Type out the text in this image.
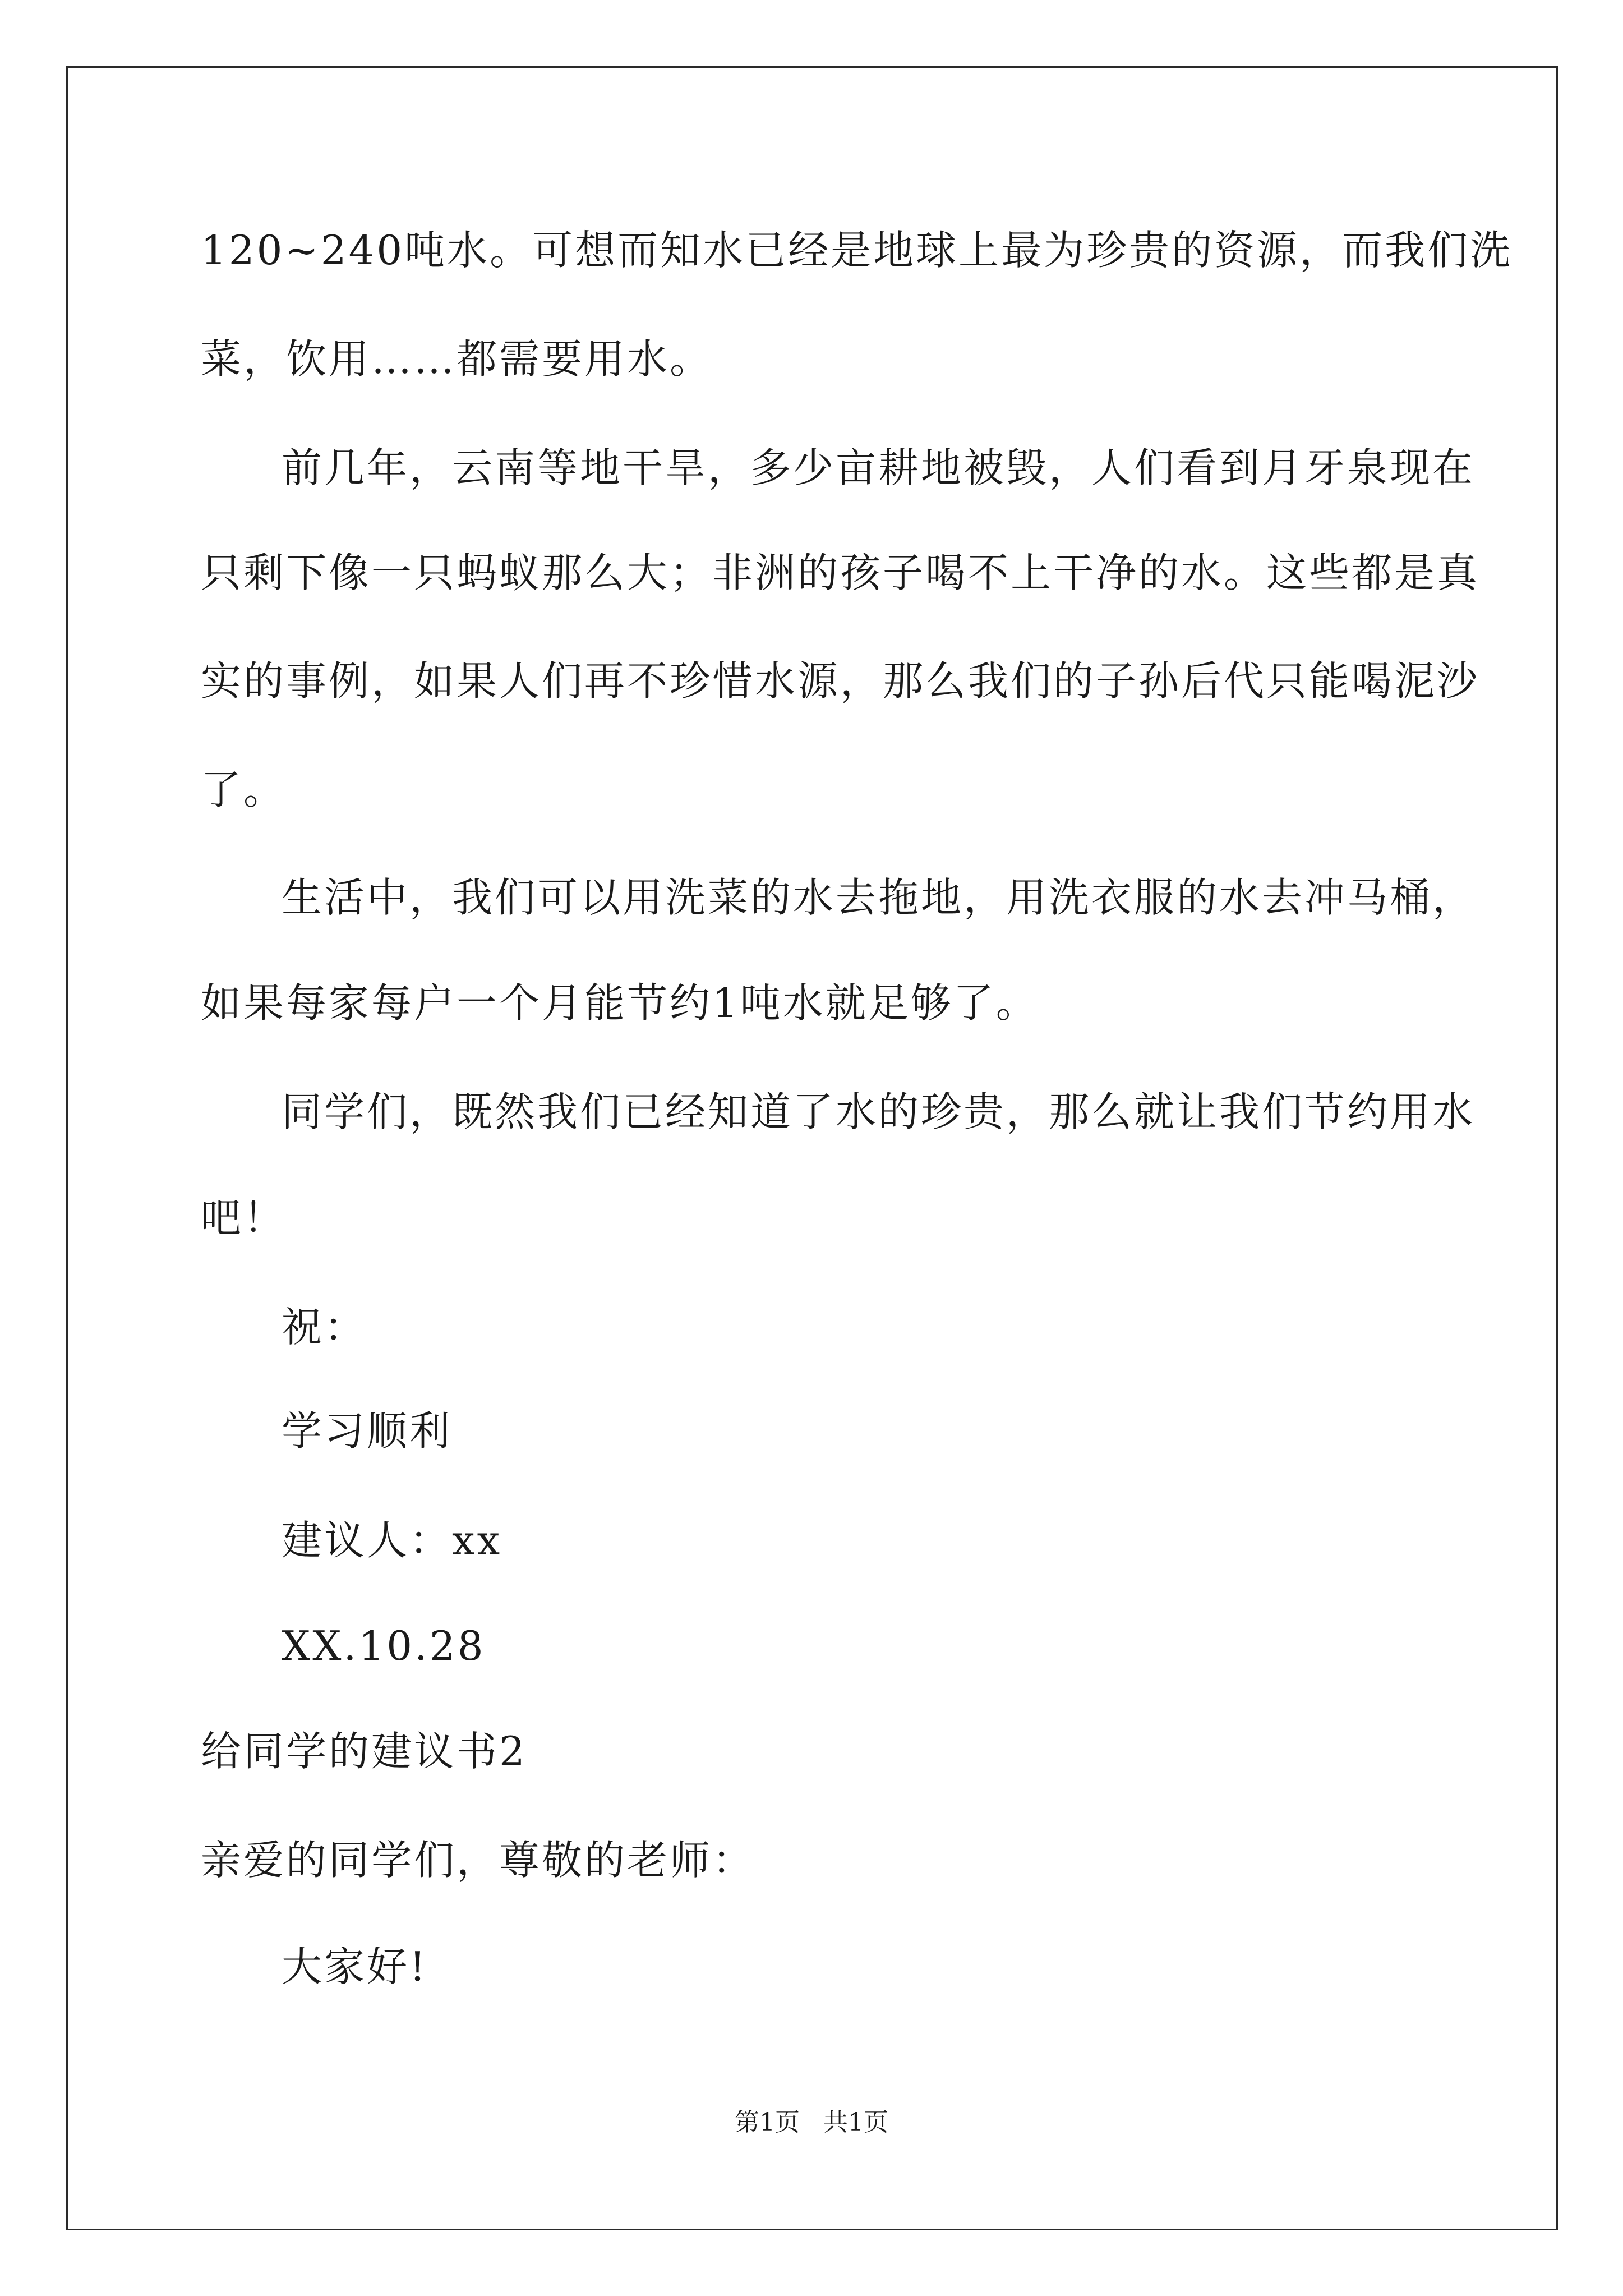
120~240吨水。可想而知水已经是地球上最为珍贵的资源，而我们洗
菜，饮用……都需要用水。
前几年，云南等地干旱，多少亩耕地被毁，人们看到月牙泉现在
只剩下像一只蚂蚁那么大；非洲的孩子喝不上干净的水。这些都是真
实的事例，如果人们再不珍惜水源，那么我们的子孙后代只能喝泥沙
了。
生活中，我们可以用洗菜的水去拖地，用洗衣服的水去冲马桶，
如果每家每户一个月能节约1吨水就足够了。
同学们，既然我们已经知道了水的珍贵，那么就让我们节约用水
吧！
祝：
学习顺利
建议人：xx
XX.10.28
给同学的建议书2
亲爱的同学们，尊敬的老师：
大家好!
第1页   共1页
